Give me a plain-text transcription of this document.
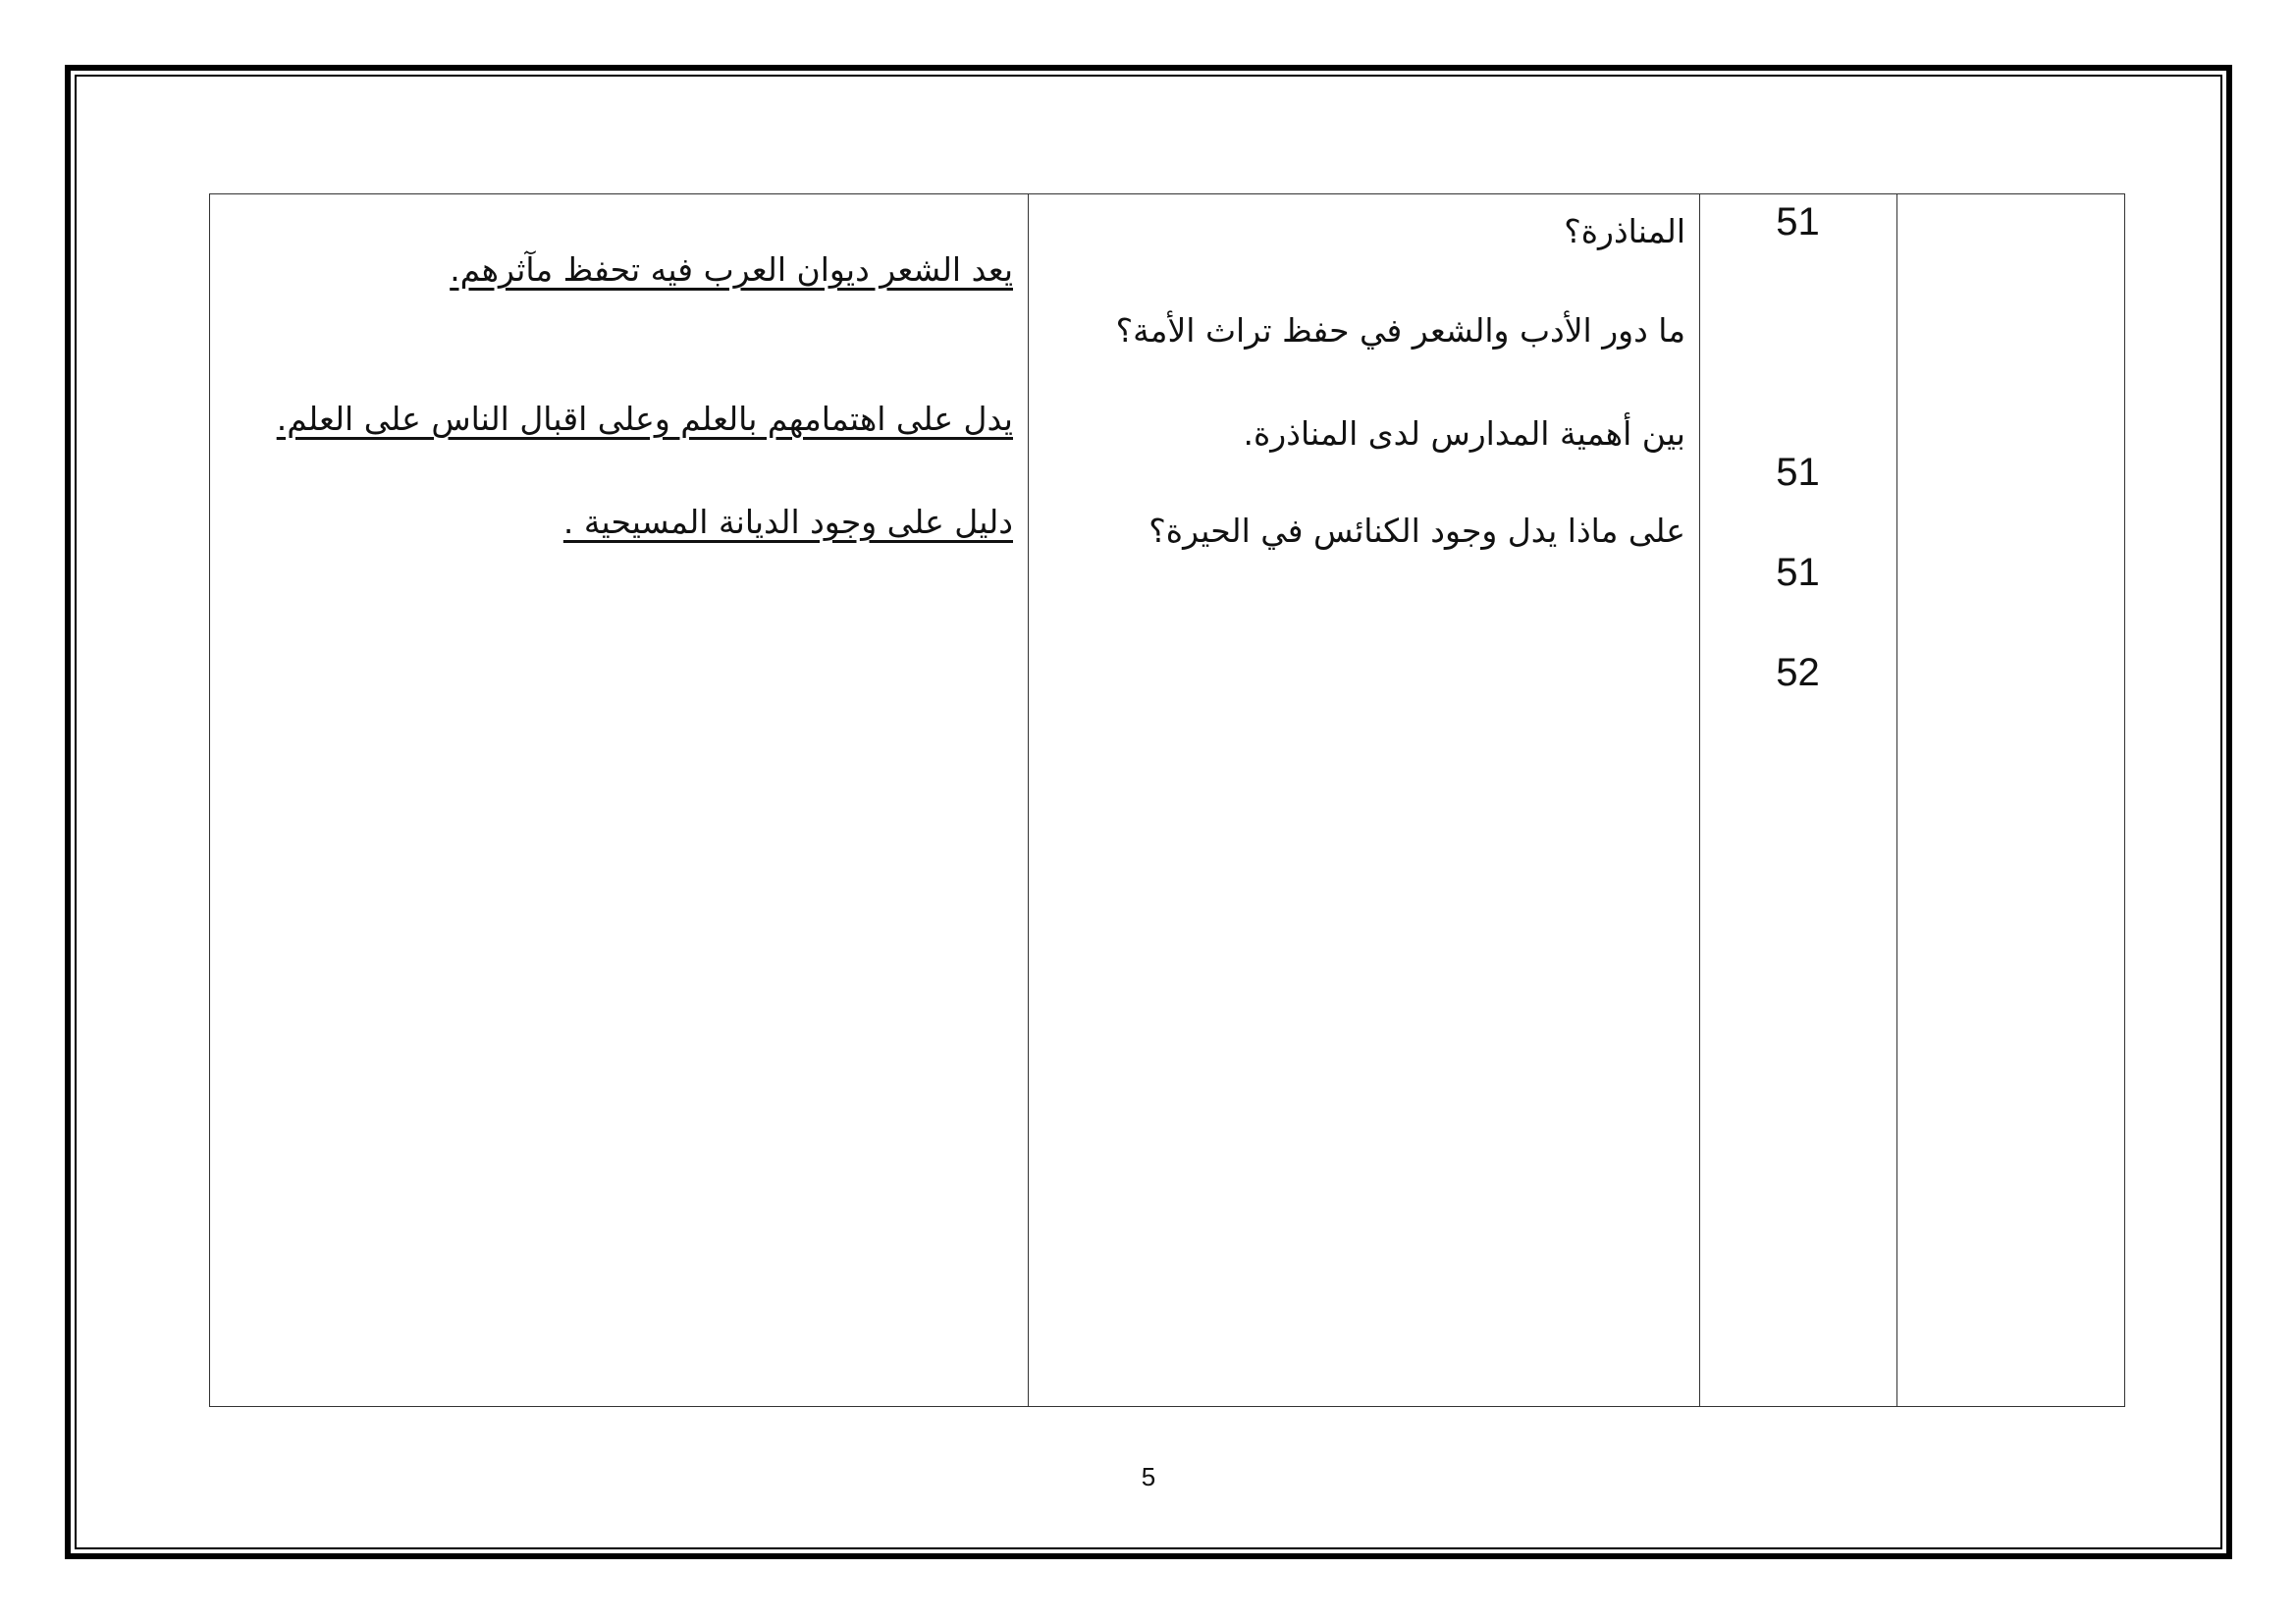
يعد الشعر ديوان العرب فيه تحفظ مآثرهم.
يدل على اهتمامهم بالعلم وعلى اقبال الناس على العلم.
دليل على وجود الديانة المسيحية .
المناذرة؟
ما دور الأدب والشعر في حفظ تراث الأمة؟
بين أهمية المدارس لدى المناذرة.
على ماذا يدل وجود الكنائس في الحيرة؟
51
51
51
52
5
